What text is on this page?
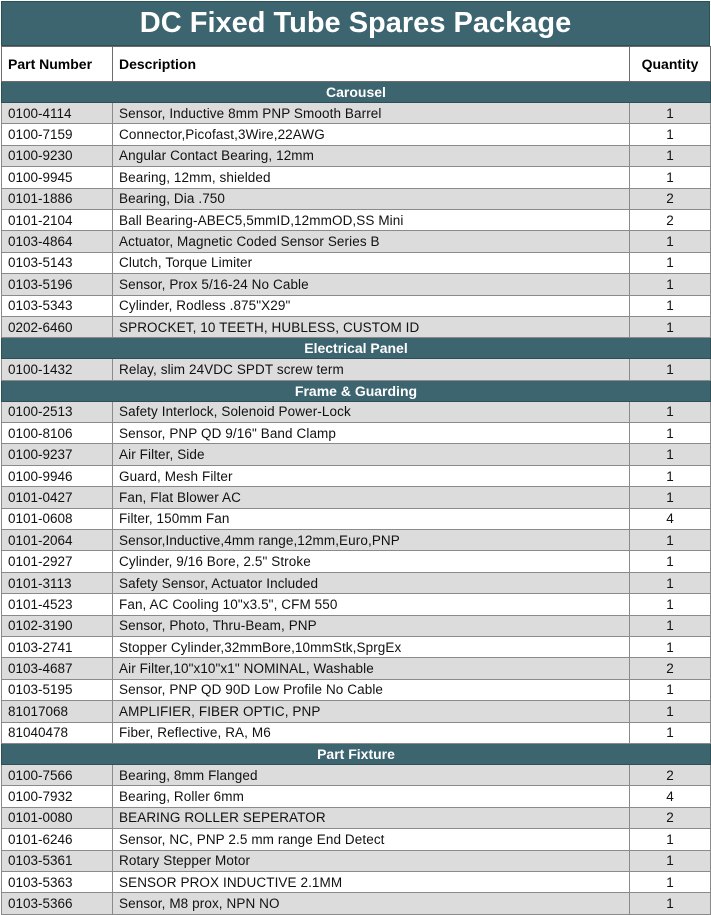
DC Fixed Tube Spares Package
Part Number	Description	Quantity
Carousel		
0100-4114	Sensor, Inductive 8mm PNP Smooth Barrel	1
0100-7159	Connector,Picofast,3Wire,22AWG	1
0100-9230	Angular Contact Bearing, 12mm	1
0100-9945	Bearing, 12mm, shielded	1
0101-1886	Bearing, Dia .750	2
0101-2104	Ball Bearing-ABEC5,5mmID,12mmOD,SS Mini	2
0103-4864	Actuator, Magnetic Coded Sensor Series B	1
0103-5143	Clutch, Torque Limiter	1
0103-5196	Sensor, Prox 5/16-24 No Cable	1
0103-5343	Cylinder, Rodless .875"X29"	1
0202-6460	SPROCKET, 10 TEETH, HUBLESS, CUSTOM ID	1
Electrical Panel		
0100-1432	Relay, slim 24VDC SPDT screw term	1
Frame & Guarding		
0100-2513	Safety Interlock, Solenoid Power-Lock	1
0100-8106	Sensor, PNP QD 9/16" Band Clamp	1
0100-9237	Air Filter, Side	1
0100-9946	Guard, Mesh Filter	1
0101-0427	Fan, Flat Blower AC	1
0101-0608	Filter, 150mm Fan	4
0101-2064	Sensor,Inductive,4mm range,12mm,Euro,PNP	1
0101-2927	Cylinder, 9/16 Bore, 2.5" Stroke	1
0101-3113	Safety Sensor, Actuator Included	1
0101-4523	Fan, AC Cooling 10"x3.5", CFM 550	1
0102-3190	Sensor, Photo, Thru-Beam, PNP	1
0103-2741	Stopper Cylinder,32mmBore,10mmStk,SprgEx	1
0103-4687	Air Filter,10"x10"x1" NOMINAL, Washable	2
0103-5195	Sensor, PNP QD 90D Low Profile No Cable	1
81017068	AMPLIFIER, FIBER OPTIC, PNP	1
81040478	Fiber, Reflective, RA, M6	1
Part Fixture		
0100-7566	Bearing, 8mm Flanged	2
0100-7932	Bearing, Roller 6mm	4
0101-0080	BEARING ROLLER SEPERATOR	2
0101-6246	Sensor, NC, PNP 2.5 mm range End Detect	1
0103-5361	Rotary Stepper Motor	1
0103-5363	SENSOR PROX INDUCTIVE 2.1MM	1
0103-5366	Sensor, M8 prox, NPN NO	1
